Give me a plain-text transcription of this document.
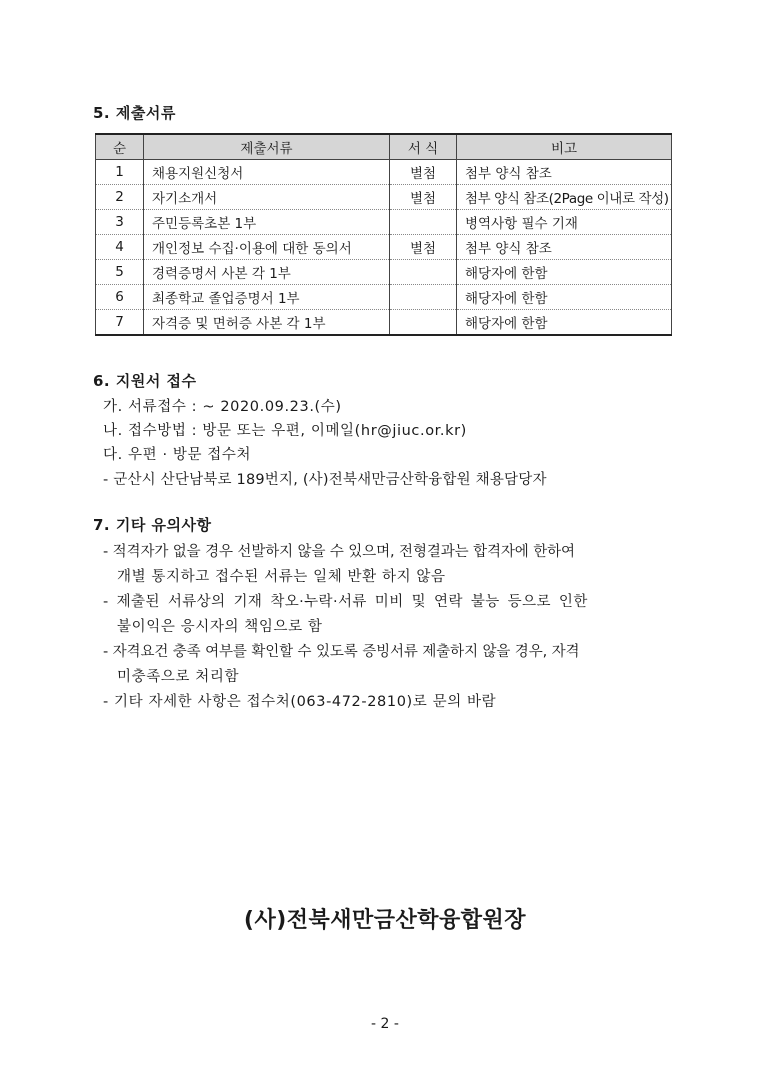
5. 제출서류
순	제출서류	서 식	비고
1	채용지원신청서	별첨	첨부 양식 참조
2	자기소개서	별첨	첨부 양식 참조(2Page 이내로 작성)
3	주민등록초본 1부		병역사항 필수 기재
4	개인정보 수집·이용에 대한 동의서	별첨	첨부 양식 참조
5	경력증명서 사본 각 1부		해당자에 한함
6	최종학교 졸업증명서 1부		해당자에 한함
7	자격증 및 면허증 사본 각 1부		해당자에 한함
6. 지원서 접수
가. 서류접수 : ~ 2020.09.23.(수)
나. 접수방법 : 방문 또는 우편, 이메일(hr@jiuc.or.kr)
다. 우편 · 방문 접수처
- 군산시 산단남북로 189번지, (사)전북새만금산학융합원 채용담당자
7. 기타 유의사항
- 적격자가 없을 경우 선발하지 않을 수 있으며, 전형결과는 합격자에 한하여
개별 통지하고 접수된 서류는 일체 반환 하지 않음
- 제출된 서류상의 기재 착오·누락·서류 미비 및 연락 불능 등으로 인한
불이익은 응시자의 책임으로 함
- 자격요건 충족 여부를 확인할 수 있도록 증빙서류 제출하지 않을 경우, 자격
미충족으로 처리함
- 기타 자세한 사항은 접수처(063-472-2810)로 문의 바람
(사)전북새만금산학융합원장
- 2 -
